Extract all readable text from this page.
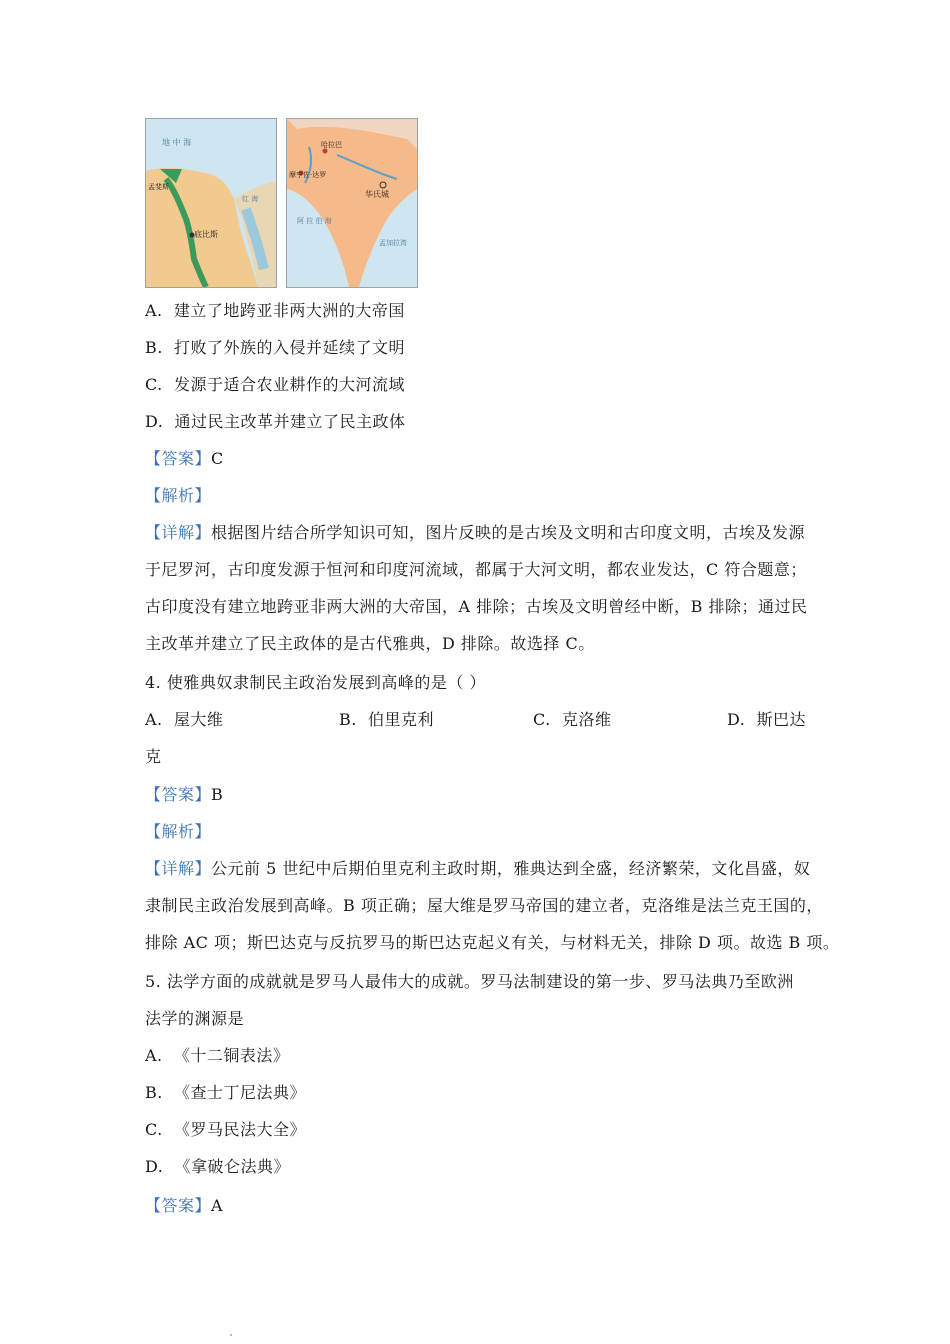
地 中 海
孟斐斯
底比斯
红 海
哈拉巴
摩亨佐·达罗
华氏城
阿 拉 伯 海
孟加拉湾
A. 建立了地跨亚非两大洲的大帝国
B. 打败了外族的入侵并延续了文明
C. 发源于适合农业耕作的大河流域
D. 通过民主改革并建立了民主政体
【答案】C
【解析】
【详解】根据图片结合所学知识可知，图片反映的是古埃及文明和古印度文明，古埃及发源
于尼罗河，古印度发源于恒河和印度河流域，都属于大河文明，都农业发达，C 符合题意；
古印度没有建立地跨亚非两大洲的大帝国，A 排除；古埃及文明曾经中断，B 排除；通过民
主改革并建立了民主政体的是古代雅典，D 排除。故选择 C。
4. 使雅典奴隶制民主政治发展到高峰的是（ ）
A. 屋大维	B. 伯里克利	C. 克洛维	D. 斯巴达
克
【答案】B
【解析】
【详解】公元前 5 世纪中后期伯里克利主政时期，雅典达到全盛，经济繁荣，文化昌盛，奴
隶制民主政治发展到高峰。B 项正确；屋大维是罗马帝国的建立者，克洛维是法兰克王国的，
排除 AC 项；斯巴达克与反抗罗马的斯巴达克起义有关，与材料无关，排除 D 项。故选 B 项。
5. 法学方面的成就就是罗马人最伟大的成就。罗马法制建设的第一步、罗马法典乃至欧洲
法学的渊源是
A. 《十二铜表法》
B. 《查士丁尼法典》
C. 《罗马民法大全》
D. 《拿破仑法典》
【答案】A
